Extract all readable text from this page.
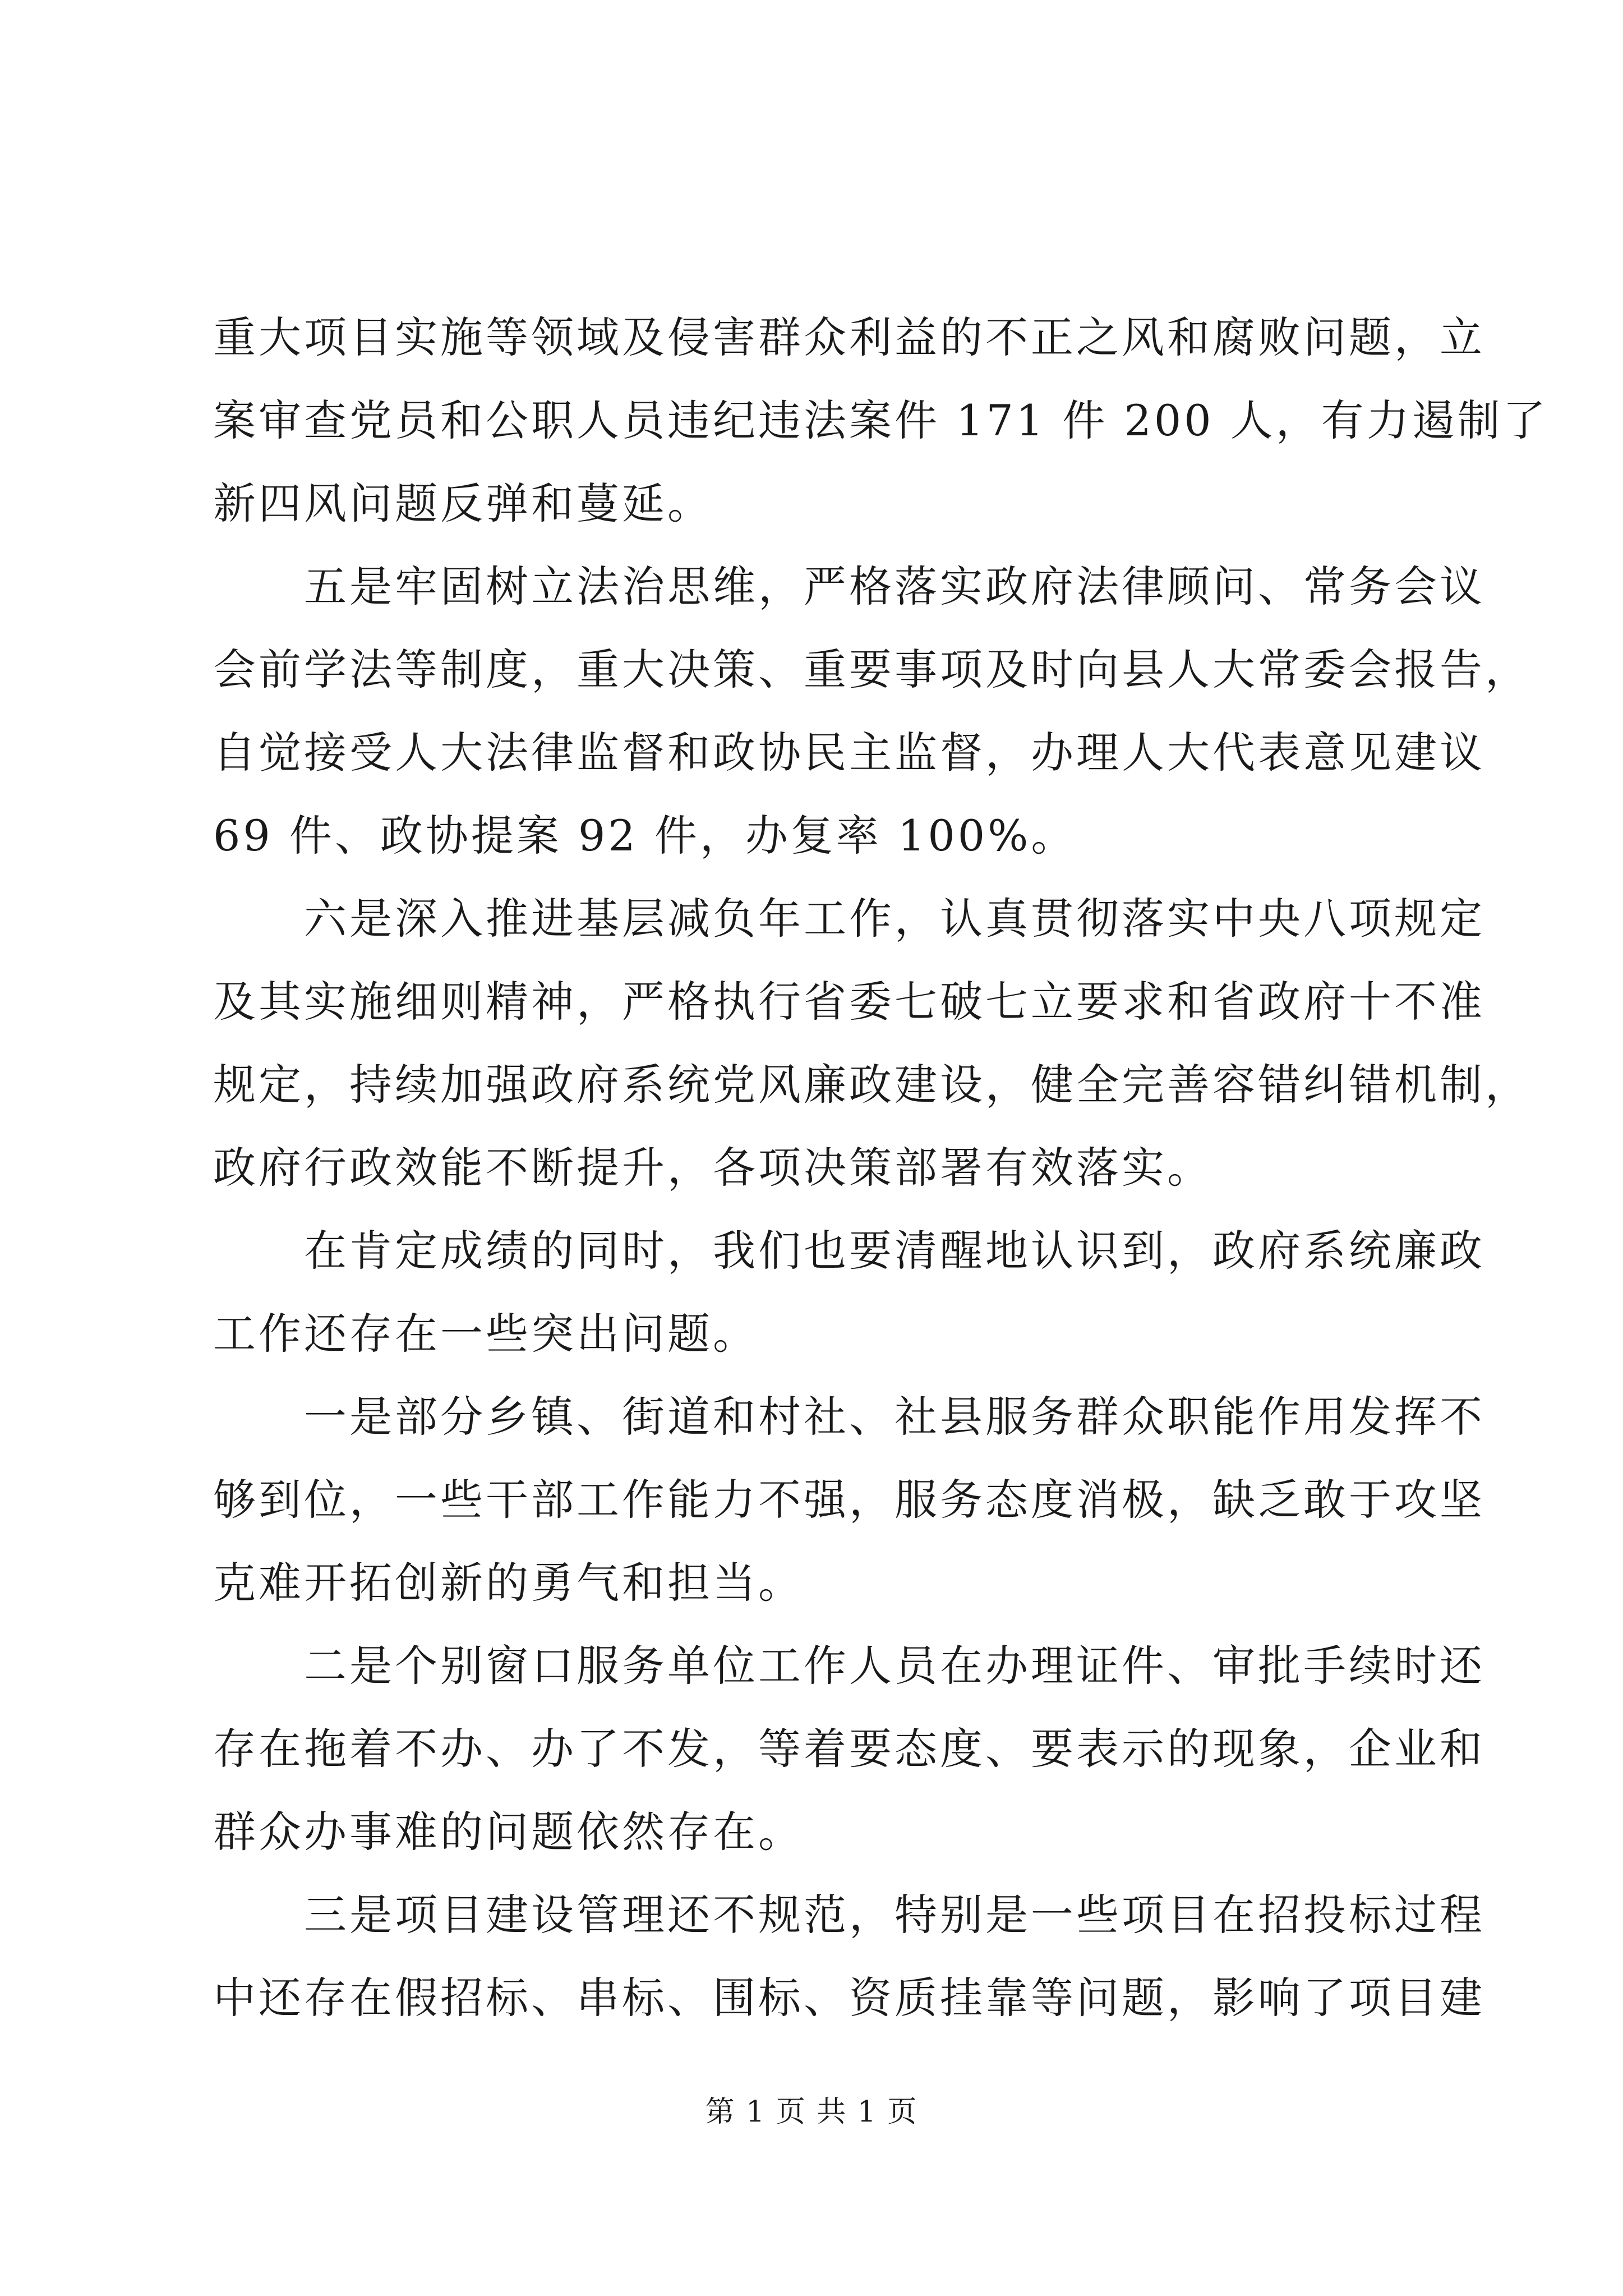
重大项目实施等领域及侵害群众利益的不正之风和腐败问题，立
案审查党员和公职人员违纪违法案件 171 件 200 人，有力遏制了
新四风问题反弹和蔓延。
五是牢固树立法治思维，严格落实政府法律顾问、常务会议
会前学法等制度，重大决策、重要事项及时向县人大常委会报告，
自觉接受人大法律监督和政协民主监督，办理人大代表意见建议
69 件、政协提案 92 件，办复率 100%。
六是深入推进基层减负年工作，认真贯彻落实中央八项规定
及其实施细则精神，严格执行省委七破七立要求和省政府十不准
规定，持续加强政府系统党风廉政建设，健全完善容错纠错机制，
政府行政效能不断提升，各项决策部署有效落实。
在肯定成绩的同时，我们也要清醒地认识到，政府系统廉政
工作还存在一些突出问题。
一是部分乡镇、街道和村社、社县服务群众职能作用发挥不
够到位，一些干部工作能力不强，服务态度消极，缺乏敢于攻坚
克难开拓创新的勇气和担当。
二是个别窗口服务单位工作人员在办理证件、审批手续时还
存在拖着不办、办了不发，等着要态度、要表示的现象，企业和
群众办事难的问题依然存在。
三是项目建设管理还不规范，特别是一些项目在招投标过程
中还存在假招标、串标、围标、资质挂靠等问题，影响了项目建
第 1 页 共 1 页
